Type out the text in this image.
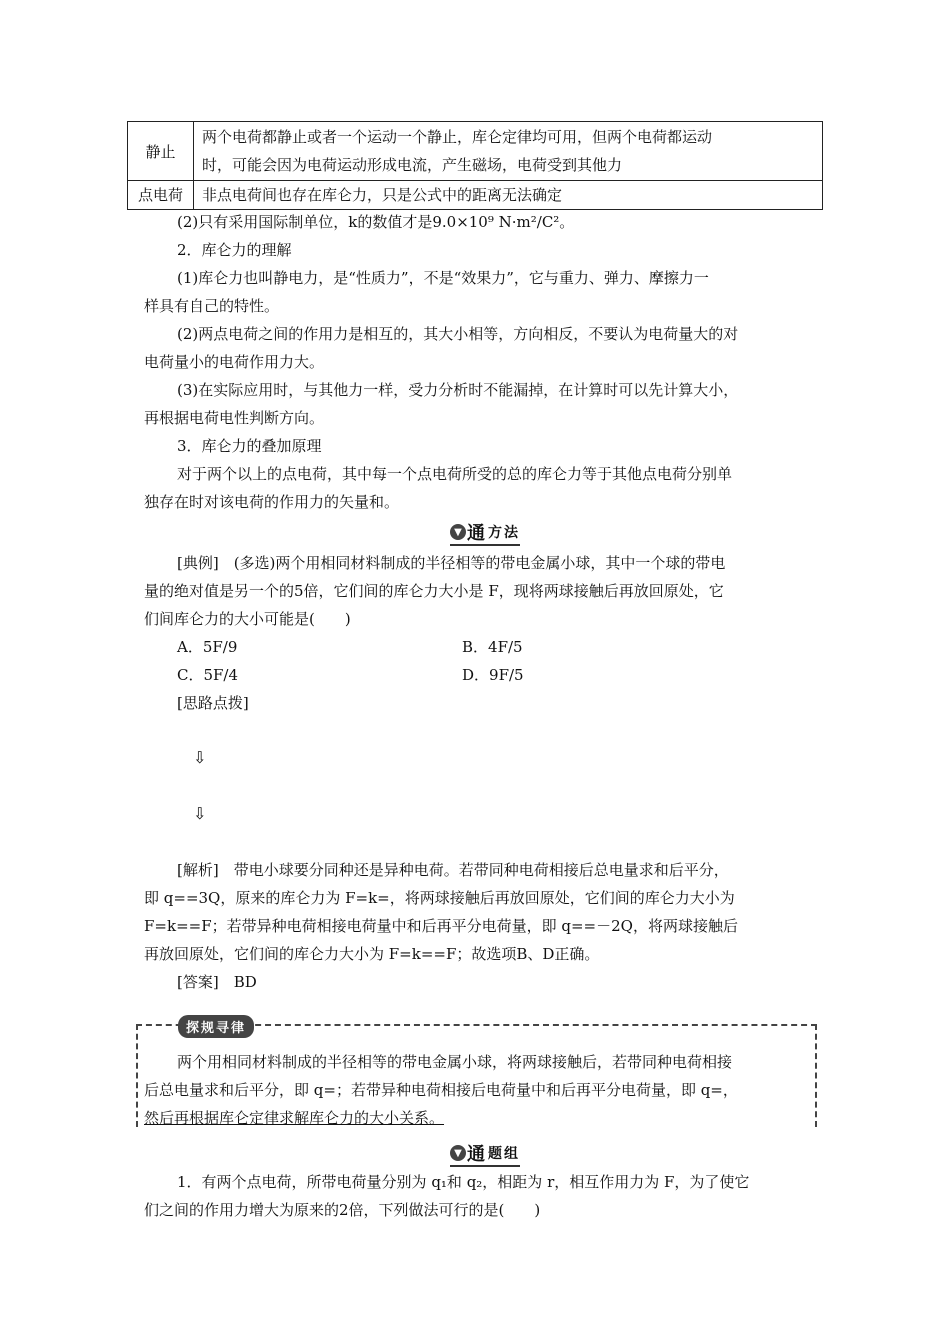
静止	两个电荷都静止或者一个运动一个静止，库仑定律均可用，但两个电荷都运动
时，可能会因为电荷运动形成电流，产生磁场，电荷受到其他力

点电荷	非点电荷间也存在库仑力，只是公式中的距离无法确定
(2)只有采用国际制单位，k的数值才是9.0×10⁹ N·m²/C²。
2．库仑力的理解
(1)库仑力也叫静电力，是“性质力”，不是“效果力”，它与重力、弹力、摩擦力一
样具有自己的特性。
(2)两点电荷之间的作用力是相互的，其大小相等，方向相反，不要认为电荷量大的对
电荷量小的电荷作用力大。
(3)在实际应用时，与其他力一样，受力分析时不能漏掉，在计算时可以先计算大小，
再根据电荷电性判断方向。
3．库仑力的叠加原理
对于两个以上的点电荷，其中每一个点电荷所受的总的库仑力等于其他点电荷分别单
独存在时对该电荷的作用力的矢量和。
▼ 通 方法
[典例]　(多选)两个用相同材料制成的半径相等的带电金属小球，其中一个球的带电
量的绝对值是另一个的5倍，它们间的库仑力大小是 F，现将两球接触后再放回原处，它
们间库仑力的大小可能是(　　)
A．5F/9	B．4F/5
C．5F/4	D．9F/5
[思路点拨]
⇩
⇩
[解析]　带电小球要分同种还是异种电荷。若带同种电荷相接后总电量求和后平分，
即 q==3Q，原来的库仑力为 F=k=，将两球接触后再放回原处，它们间的库仑力大小为
F=k==F；若带异种电荷相接电荷量中和后再平分电荷量，即 q==－2Q，将两球接触后
再放回原处，它们间的库仑力大小为 F=k==F；故选项B、D正确。
[答案]　BD
探规寻律
两个用相同材料制成的半径相等的带电金属小球，将两球接触后，若带同种电荷相接
后总电量求和后平分，即 q=；若带异种电荷相接后电荷量中和后再平分电荷量，即 q=，
然后再根据库仑定律求解库仑力的大小关系。
▼ 通 题组
1．有两个点电荷，所带电荷量分别为 q₁和 q₂，相距为 r，相互作用力为 F，为了使它
们之间的作用力增大为原来的2倍，下列做法可行的是(　　)
